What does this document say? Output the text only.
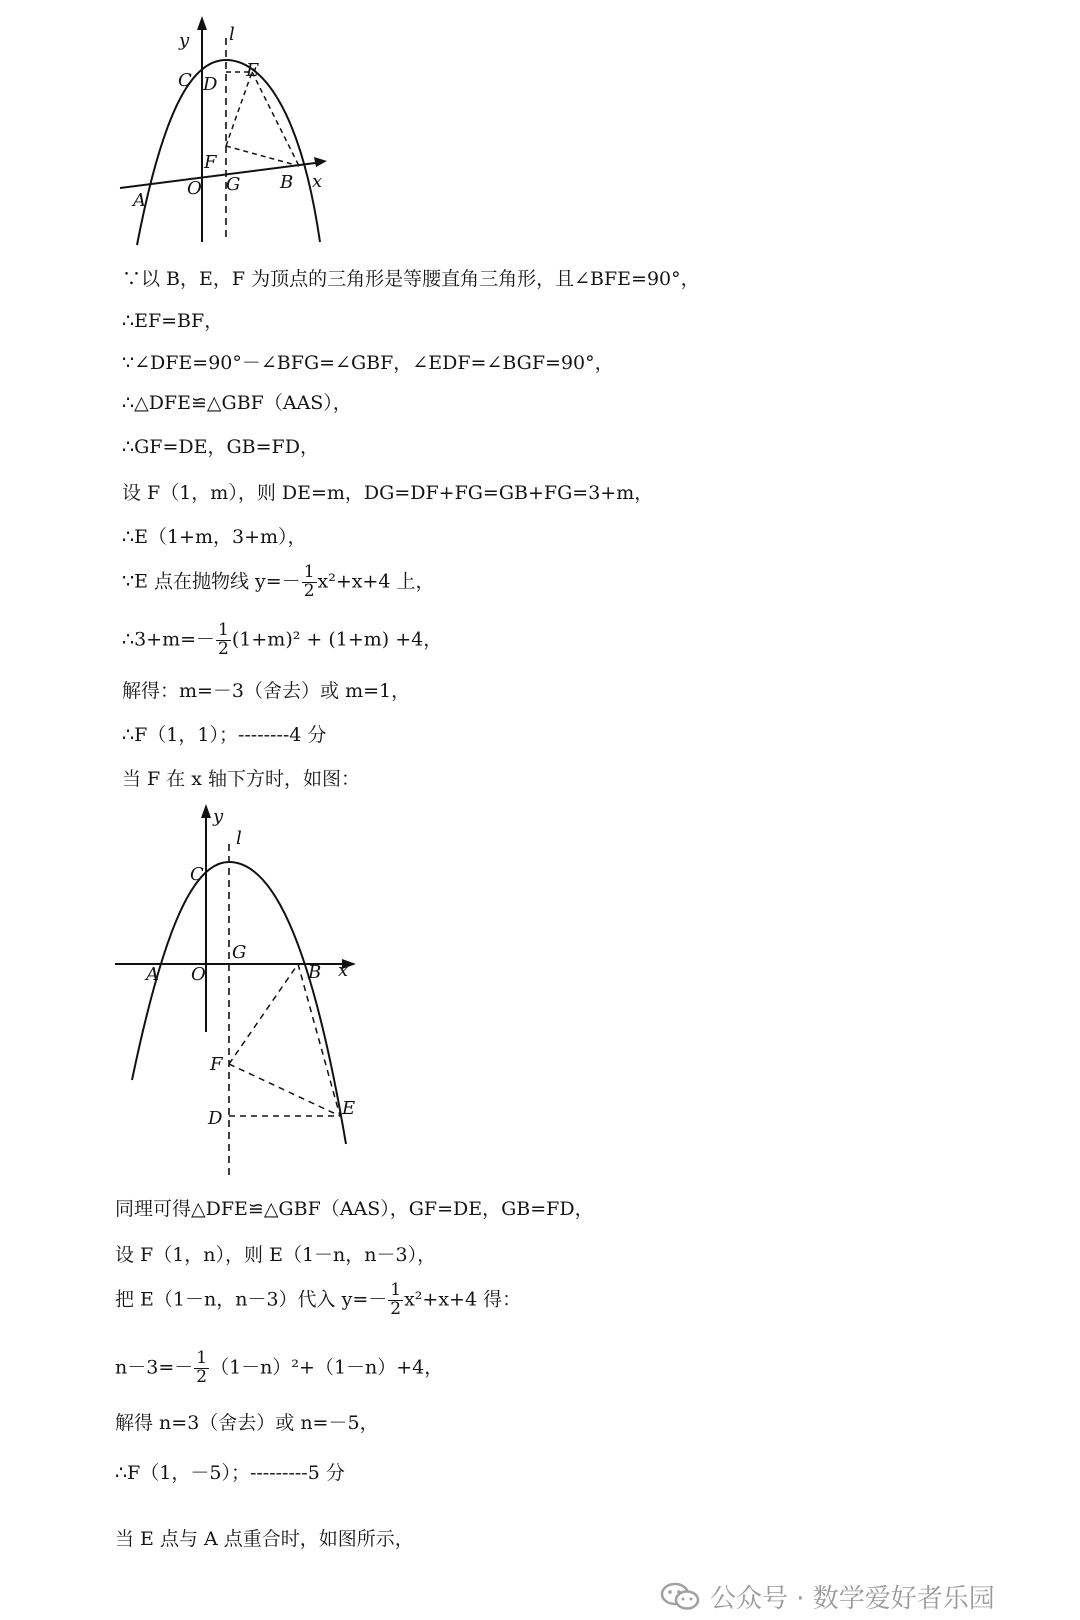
y l
C D
E
F
O G
A
B x
∵以 B，E，F 为顶点的三角形是等腰直角三角形，且∠BFE=90°，
∴EF=BF，
∵∠DFE=90°－∠BFG=∠GBF，∠EDF=∠BGF=90°，
∴△DFE≌△GBF（AAS），
∴GF=DE，GB=FD，
设 F（1，m），则 DE=m，DG=DF+FG=GB+FG=3+m，
∴E（1+m，3+m），
∵E 点在抛物线 $y=- \frac{1}{2} x^2+x+4$ 上，
∴3+m=－ $\frac{1}{2} (1+m)^2 + (1+m) +4$，
解得：m=－3（舍去）或 m=1，
∴F（1，1）；--------4 分
当 F 在 x 轴下方时，如图：
y
l
C
G
A O	B x
F
D	E
同理可得△DFE≌△GBF（AAS），GF=DE，GB=FD，
设 F（1，n），则 E（1－n，n－3），
把 E（1－n，n－3）代入 $y=- \frac{1}{2} x^2+x+4$ 得：
$n-3=- \frac{1}{2} (1-n)^2+(1-n)+4$，
解得 n=3（舍去）或 n=－5，
∴F（1，－5）；---------5 分
当 E 点与 A 点重合时，如图所示，
公众号 · 数学爱好者乐园
